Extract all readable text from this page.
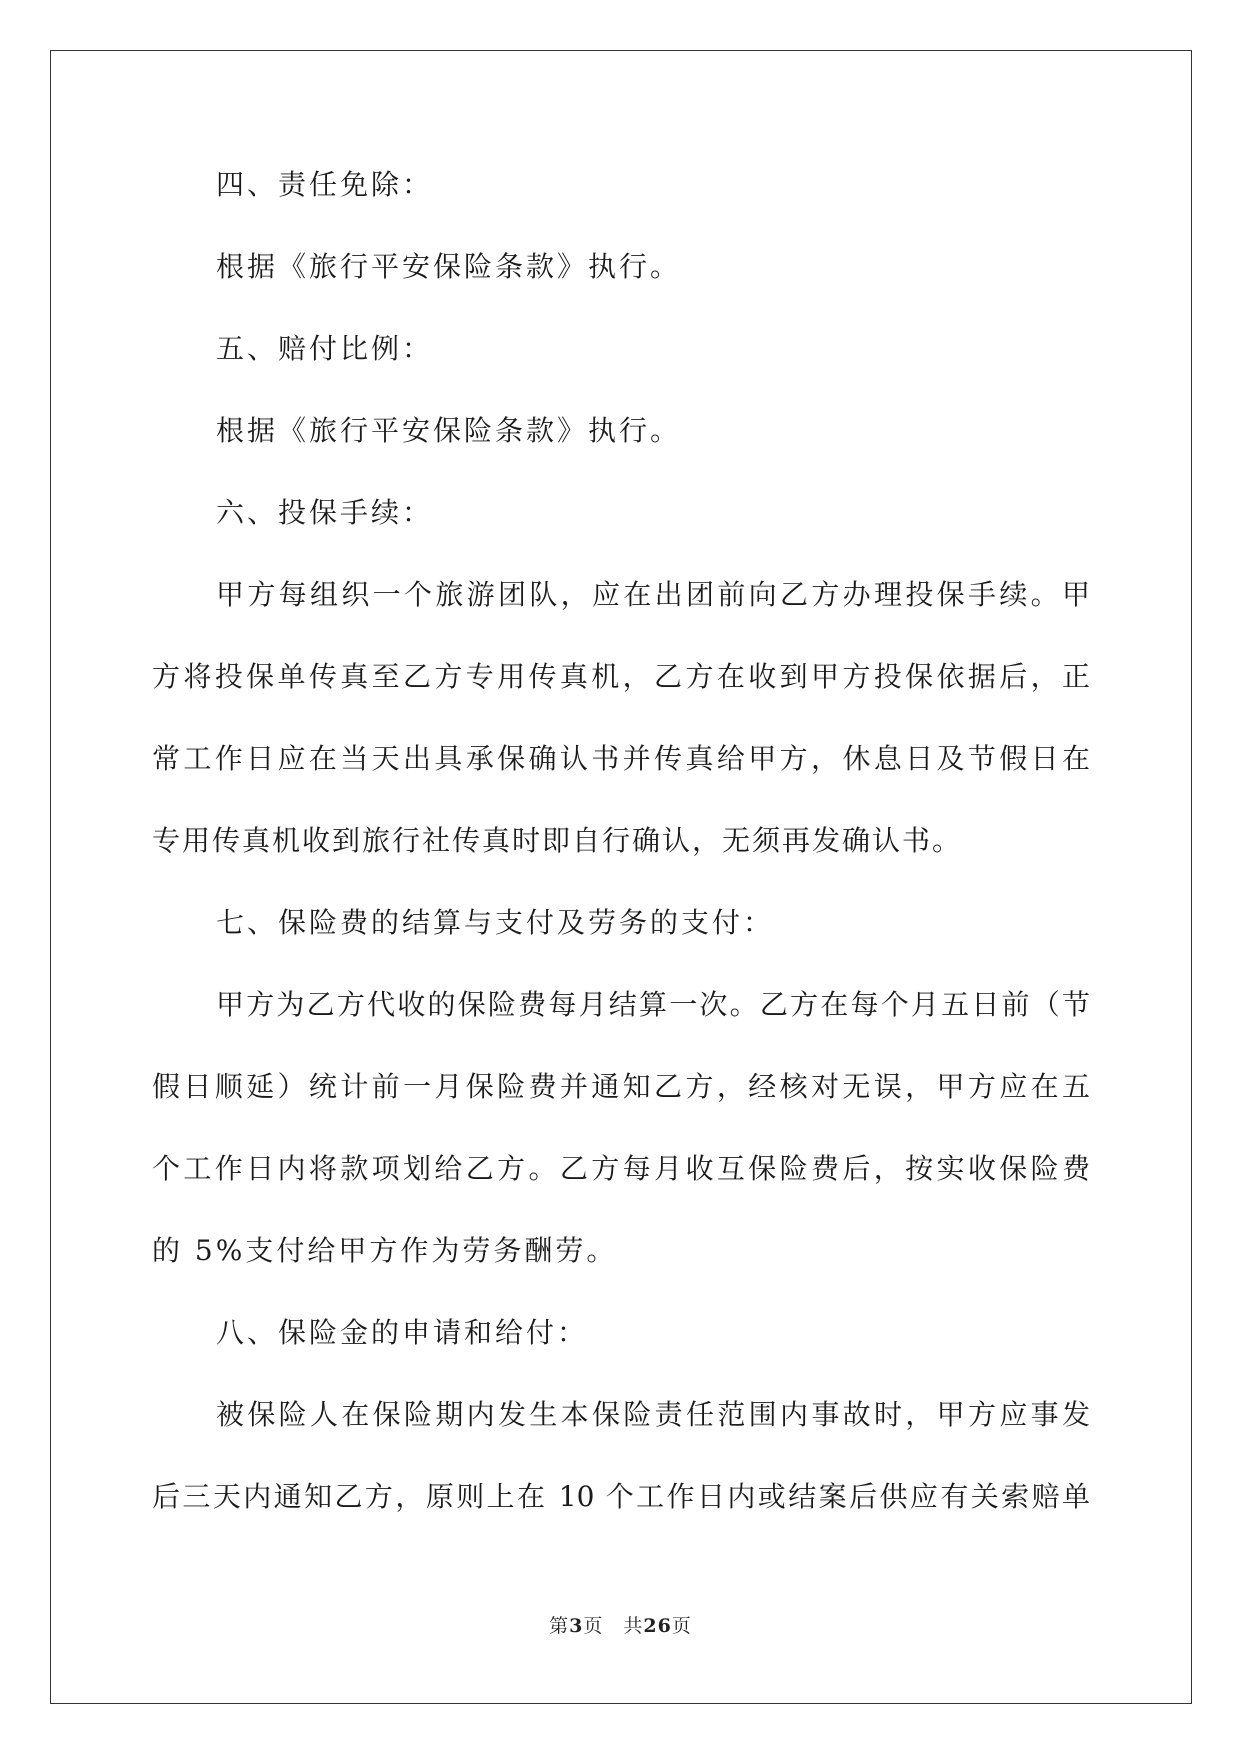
四、责任免除：
根据《旅行平安保险条款》执行。
五、赔付比例：
根据《旅行平安保险条款》执行。
六、投保手续：
甲方每组织一个旅游团队，应在出团前向乙方办理投保手续。甲
方将投保单传真至乙方专用传真机，乙方在收到甲方投保依据后，正
常工作日应在当天出具承保确认书并传真给甲方，休息日及节假日在
专用传真机收到旅行社传真时即自行确认，无须再发确认书。
七、保险费的结算与支付及劳务的支付：
甲方为乙方代收的保险费每月结算一次。乙方在每个月五日前（节
假日顺延）统计前一月保险费并通知乙方，经核对无误，甲方应在五
个工作日内将款项划给乙方。乙方每月收互保险费后，按实收保险费
的 5%支付给甲方作为劳务酬劳。
八、保险金的申请和给付：
被保险人在保险期内发生本保险责任范围内事故时，甲方应事发
后三天内通知乙方，原则上在 10 个工作日内或结案后供应有关索赔单
第3页　共26页
